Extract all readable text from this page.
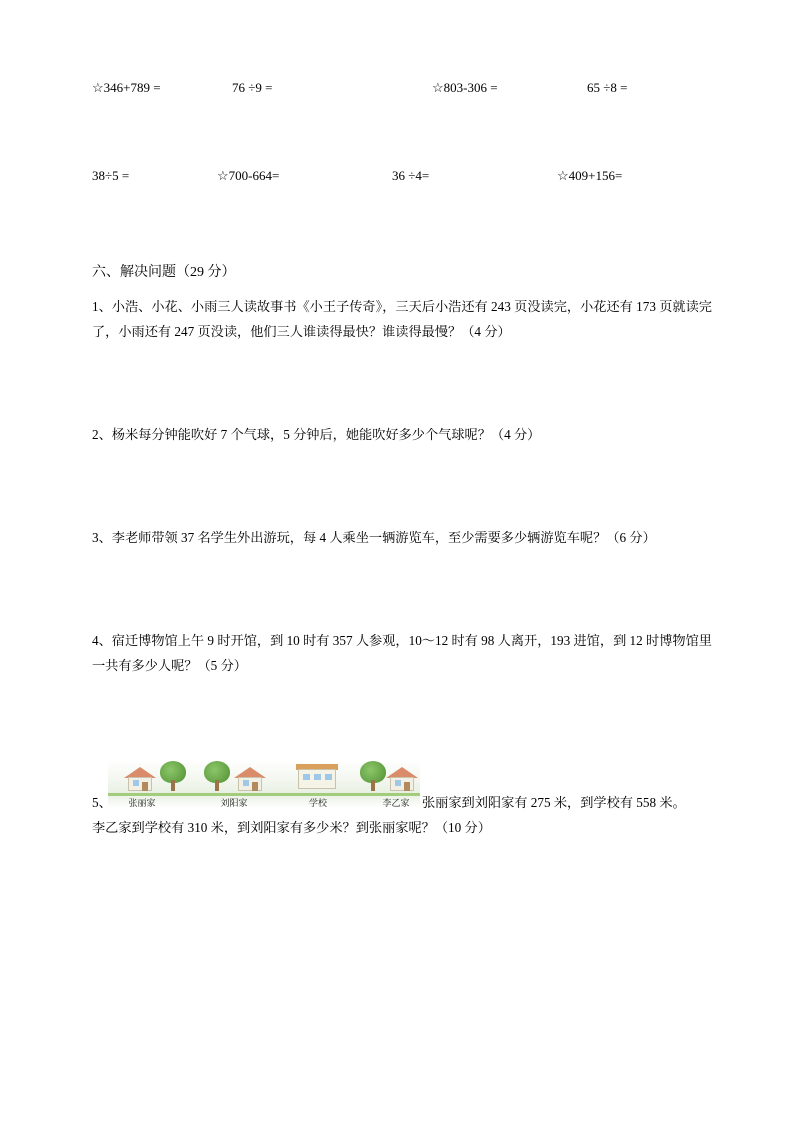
☆346+789 =	76 ÷9 =	☆803-306 =	65 ÷8 =
38÷5 =	☆700-664=	36 ÷4=	☆409+156=
六、解决问题（29 分）

1、小浩、小花、小雨三人读故事书《小王子传奇》，三天后小浩还有 243 页没读完，小花还有 173 页就读完了，小雨还有 247 页没读，他们三人谁读得最快？谁读得最慢？（4 分）

2、杨米每分钟能吹好 7 个气球，5 分钟后，她能吹好多少个气球呢？（4 分）

3、李老师带领 37 名学生外出游玩，每 4 人乘坐一辆游览车，至少需要多少辆游览车呢？（6 分）

4、宿迁博物馆上午 9 时开馆，到 10 时有 357 人参观，10～12 时有 98 人离开，193 进馆，到 12 时博物馆里一共有多少人呢？（5 分）

张丽家	刘阳家	学校	李乙家
5、	张丽家到刘阳家有 275 米，到学校有 558 米。
李乙家到学校有 310 米，到刘阳家有多少米？到张丽家呢？（10 分）
